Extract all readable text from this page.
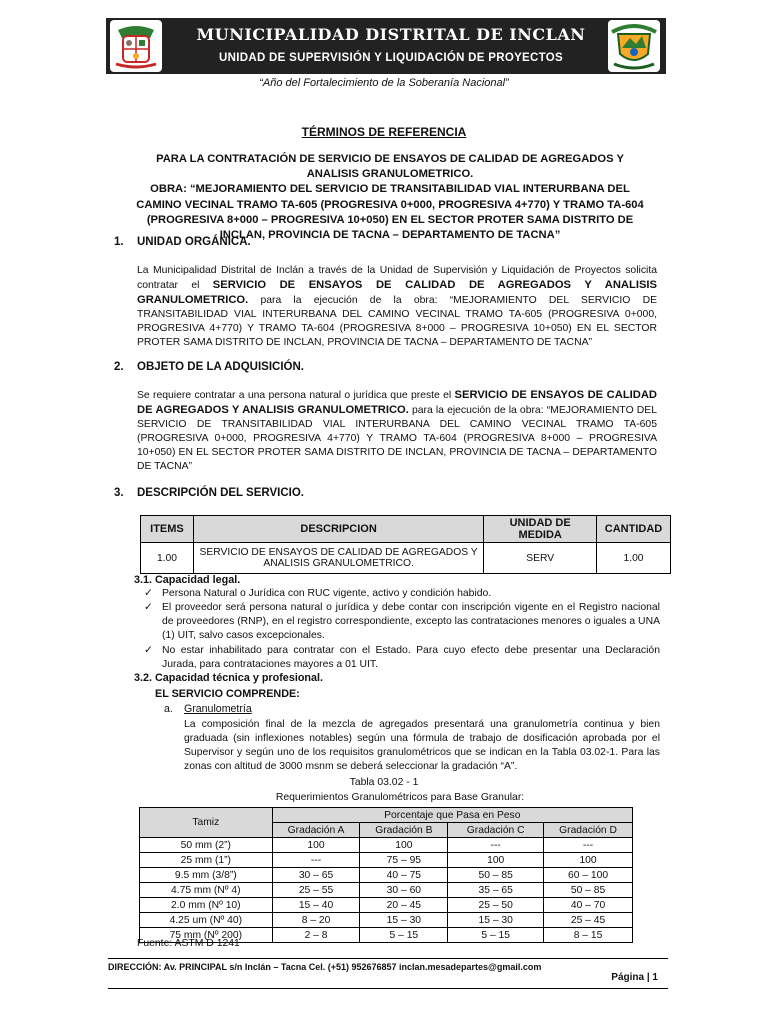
MUNICIPALIDAD DISTRITAL DE INCLAN
UNIDAD DE SUPERVISIÓN Y LIQUIDACIÓN DE PROYECTOS
“Año del Fortalecimiento de la Soberanía Nacional”
TÉRMINOS DE REFERENCIA
PARA LA CONTRATACIÓN DE SERVICIO DE ENSAYOS DE CALIDAD DE AGREGADOS Y ANALISIS GRANULOMETRICO.
OBRA: “MEJORAMIENTO DEL SERVICIO DE TRANSITABILIDAD VIAL INTERURBANA DEL CAMINO VECINAL TRAMO TA-605 (PROGRESIVA 0+000, PROGRESIVA 4+770) Y TRAMO TA-604 (PROGRESIVA 8+000 – PROGRESIVA 10+050) EN EL SECTOR PROTER SAMA DISTRITO DE INCLAN, PROVINCIA DE TACNA – DEPARTAMENTO DE TACNA”
1. UNIDAD ORGÁNICA.
La Municipalidad Distrital de Inclán a través de la Unidad de Supervisión y Liquidación de Proyectos solicita contratar el SERVICIO DE ENSAYOS DE CALIDAD DE AGREGADOS Y ANALISIS GRANULOMETRICO. para la ejecución de la obra: “MEJORAMIENTO DEL SERVICIO DE TRANSITABILIDAD VIAL INTERURBANA DEL CAMINO VECINAL TRAMO TA-605 (PROGRESIVA 0+000, PROGRESIVA 4+770) Y TRAMO TA-604 (PROGRESIVA 8+000 – PROGRESIVA 10+050) EN EL SECTOR PROTER SAMA DISTRITO DE INCLAN, PROVINCIA DE TACNA – DEPARTAMENTO DE TACNA”
2. OBJETO DE LA ADQUISICIÓN.
Se requiere contratar a una persona natural o jurídica que preste el SERVICIO DE ENSAYOS DE CALIDAD DE AGREGADOS Y ANALISIS GRANULOMETRICO. para la ejecución de la obra: “MEJORAMIENTO DEL SERVICIO DE TRANSITABILIDAD VIAL INTERURBANA DEL CAMINO VECINAL TRAMO TA-605 (PROGRESIVA 0+000, PROGRESIVA 4+770) Y TRAMO TA-604 (PROGRESIVA 8+000 – PROGRESIVA 10+050) EN EL SECTOR PROTER SAMA DISTRITO DE INCLAN, PROVINCIA DE TACNA – DEPARTAMENTO DE TACNA”
3. DESCRIPCIÓN DEL SERVICIO.
ITEMS	DESCRIPCION	UNIDAD DE MEDIDA	CANTIDAD
1.00	SERVICIO DE ENSAYOS DE CALIDAD DE AGREGADOS Y ANALISIS GRANULOMETRICO.	SERV	1.00
3.1. Capacidad legal.
✓ Persona Natural o Jurídica con RUC vigente, activo y condición habido.
✓ El proveedor será persona natural o jurídica y debe contar con inscripción vigente en el Registro nacional de proveedores (RNP), en el registro correspondiente, excepto las contrataciones menores o iguales a UNA (1) UIT, salvo casos excepcionales.
✓ No estar inhabilitado para contratar con el Estado. Para cuyo efecto debe presentar una Declaración Jurada, para contrataciones mayores a 01 UIT.
3.2. Capacidad técnica y profesional.
EL SERVICIO COMPRENDE:
a. Granulometría
La composición final de la mezcla de agregados presentará una granulometría continua y bien graduada (sin inflexiones notables) según una fórmula de trabajo de dosificación aprobada por el Supervisor y según uno de los requisitos granulométricos que se indican en la Tabla 03.02-1. Para las zonas con altitud de 3000 msnm se deberá seleccionar la gradación “A”.
Tabla 03.02 - 1
Requerimientos Granulométricos para Base Granular:
Tamiz	Porcentaje que Pasa en Peso			
	Gradación A	Gradación B	Gradación C	Gradación D
50 mm (2”)	100	100	---	---
25 mm (1”)	---	75 – 95	100	100
9.5 mm (3/8”)	30 – 65	40 – 75	50 – 85	60 – 100
4.75 mm (Nº 4)	25 – 55	30 – 60	35 – 65	50 – 85
2.0 mm (Nº 10)	15 – 40	20 – 45	25 – 50	40 – 70
4.25 um (Nº 40)	8 – 20	15 – 30	15 – 30	25 – 45
75 mm (Nº 200)	2 – 8	5 – 15	5 – 15	8 – 15
Fuente: ASTM D 1241
DIRECCIÓN: Av. PRINCIPAL s/n Inclán – Tacna Cel. (+51) 952676857 inclan.mesadepartes@gmail.com
Página | 1
